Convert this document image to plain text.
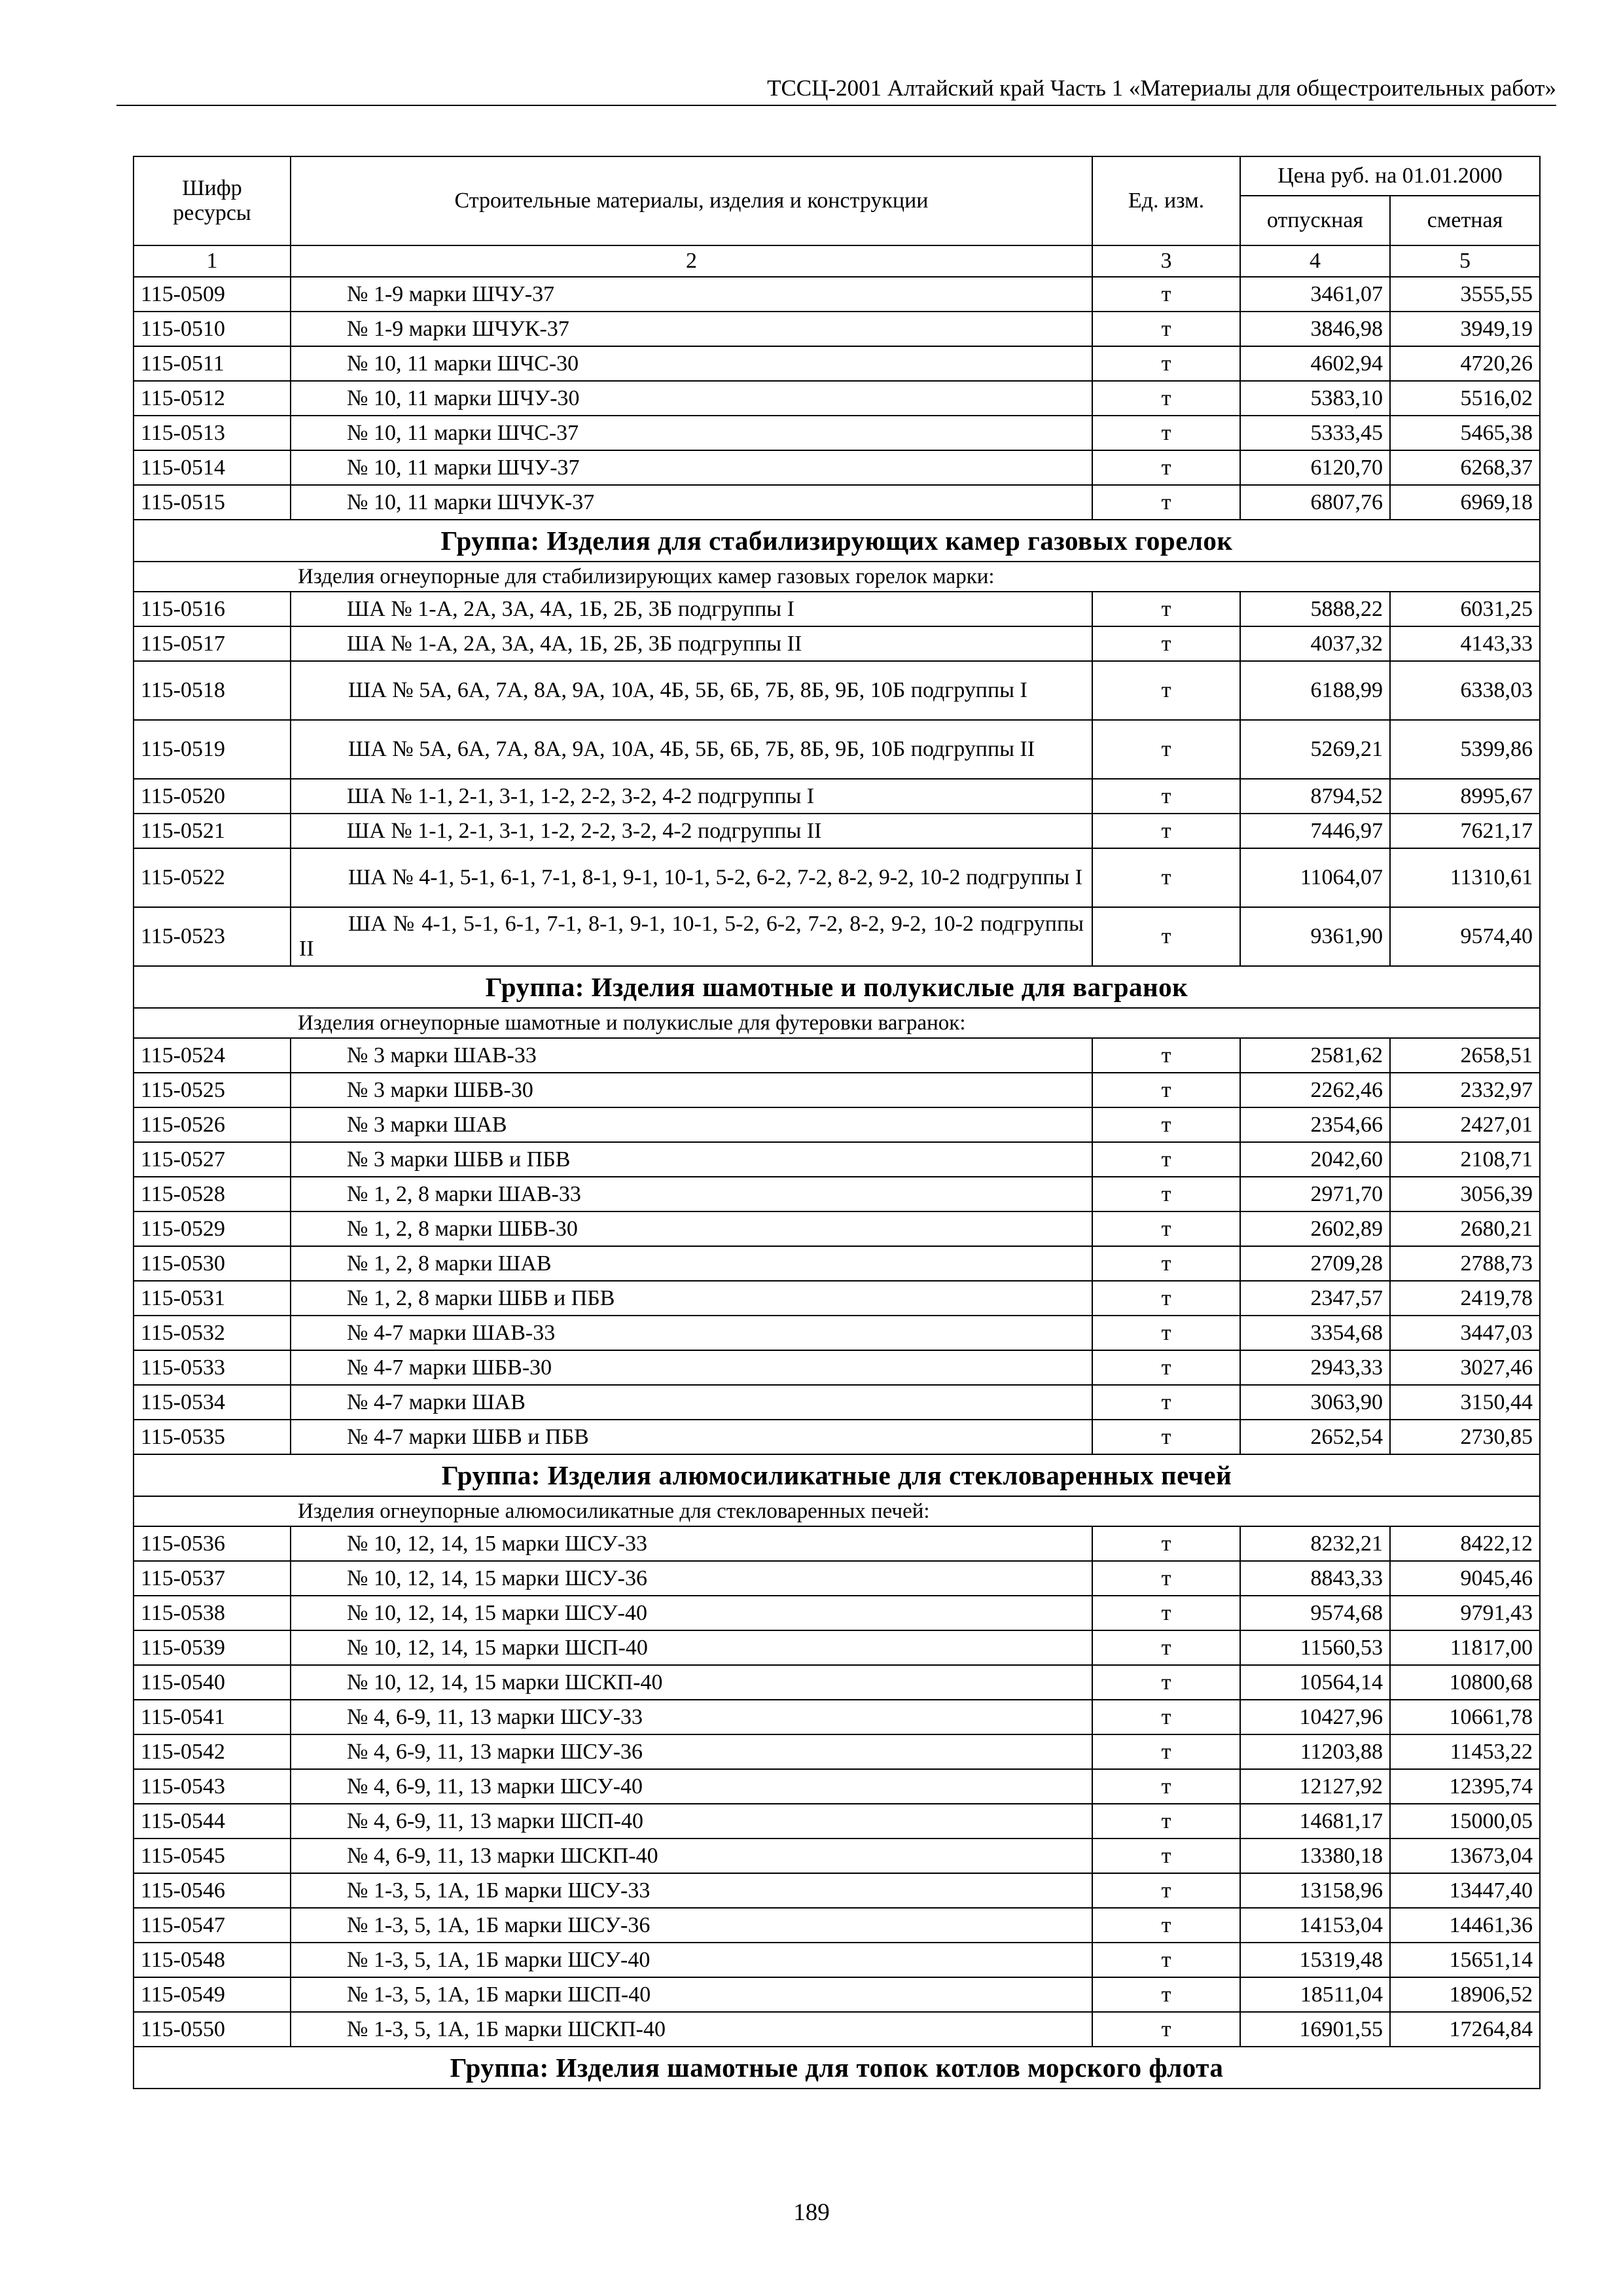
ТССЦ-2001 Алтайский край Часть 1 «Материалы для общестроительных работ»
Шифр ресурсы	Строительные материалы, изделия и конструкции	Ед. изм.	Цена руб. на 01.01.2000	
			отпускная	сметная
1	2	3	4	5
115-0509	№ 1-9 марки ШЧУ-37	т	3461,07	3555,55
115-0510	№ 1-9 марки ШЧУК-37	т	3846,98	3949,19
115-0511	№ 10, 11 марки ШЧС-30	т	4602,94	4720,26
115-0512	№ 10, 11 марки ШЧУ-30	т	5383,10	5516,02
115-0513	№ 10, 11 марки ШЧС-37	т	5333,45	5465,38
115-0514	№ 10, 11 марки ШЧУ-37	т	6120,70	6268,37
115-0515	№ 10, 11 марки ШЧУК-37	т	6807,76	6969,18
Группа: Изделия для стабилизирующих камер газовых горелок				
Изделия огнеупорные для стабилизирующих камер газовых горелок марки:				
115-0516	ША № 1-А, 2А, 3А, 4А, 1Б, 2Б, 3Б подгруппы I	т	5888,22	6031,25
115-0517	ША № 1-А, 2А, 3А, 4А, 1Б, 2Б, 3Б подгруппы II	т	4037,32	4143,33
115-0518	ША № 5А, 6А, 7А, 8А, 9А, 10А, 4Б, 5Б, 6Б, 7Б, 8Б, 9Б, 10Б подгруппы I	т	6188,99	6338,03
115-0519	ША № 5А, 6А, 7А, 8А, 9А, 10А, 4Б, 5Б, 6Б, 7Б, 8Б, 9Б, 10Б подгруппы II	т	5269,21	5399,86
115-0520	ША № 1-1, 2-1, 3-1, 1-2, 2-2, 3-2, 4-2 подгруппы I	т	8794,52	8995,67
115-0521	ША № 1-1, 2-1, 3-1, 1-2, 2-2, 3-2, 4-2 подгруппы II	т	7446,97	7621,17
115-0522	ША № 4-1, 5-1, 6-1, 7-1, 8-1, 9-1, 10-1, 5-2, 6-2, 7-2, 8-2, 9-2, 10-2 подгруппы I	т	11064,07	11310,61
115-0523	ША № 4-1, 5-1, 6-1, 7-1, 8-1, 9-1, 10-1, 5-2, 6-2, 7-2, 8-2, 9-2, 10-2 подгруппы II	т	9361,90	9574,40
Группа: Изделия шамотные и полукислые для вагранок				
Изделия огнеупорные шамотные и полукислые для футеровки вагранок:				
115-0524	№ 3 марки ШАВ-33	т	2581,62	2658,51
115-0525	№ 3 марки ШБВ-30	т	2262,46	2332,97
115-0526	№ 3 марки ШАВ	т	2354,66	2427,01
115-0527	№ 3 марки ШБВ и ПБВ	т	2042,60	2108,71
115-0528	№ 1, 2, 8 марки ШАВ-33	т	2971,70	3056,39
115-0529	№ 1, 2, 8 марки ШБВ-30	т	2602,89	2680,21
115-0530	№ 1, 2, 8 марки ШАВ	т	2709,28	2788,73
115-0531	№ 1, 2, 8 марки ШБВ и ПБВ	т	2347,57	2419,78
115-0532	№ 4-7 марки ШАВ-33	т	3354,68	3447,03
115-0533	№ 4-7 марки ШБВ-30	т	2943,33	3027,46
115-0534	№ 4-7 марки ШАВ	т	3063,90	3150,44
115-0535	№ 4-7 марки ШБВ и ПБВ	т	2652,54	2730,85
Группа: Изделия алюмосиликатные для стекловаренных печей				
Изделия огнеупорные алюмосиликатные для стекловаренных печей:				
115-0536	№ 10, 12, 14, 15 марки ШСУ-33	т	8232,21	8422,12
115-0537	№ 10, 12, 14, 15 марки ШСУ-36	т	8843,33	9045,46
115-0538	№ 10, 12, 14, 15 марки ШСУ-40	т	9574,68	9791,43
115-0539	№ 10, 12, 14, 15 марки ШСП-40	т	11560,53	11817,00
115-0540	№ 10, 12, 14, 15 марки ШСКП-40	т	10564,14	10800,68
115-0541	№ 4, 6-9, 11, 13 марки ШСУ-33	т	10427,96	10661,78
115-0542	№ 4, 6-9, 11, 13 марки ШСУ-36	т	11203,88	11453,22
115-0543	№ 4, 6-9, 11, 13 марки ШСУ-40	т	12127,92	12395,74
115-0544	№ 4, 6-9, 11, 13 марки ШСП-40	т	14681,17	15000,05
115-0545	№ 4, 6-9, 11, 13 марки ШСКП-40	т	13380,18	13673,04
115-0546	№ 1-3, 5, 1А, 1Б марки ШСУ-33	т	13158,96	13447,40
115-0547	№ 1-3, 5, 1А, 1Б марки ШСУ-36	т	14153,04	14461,36
115-0548	№ 1-3, 5, 1А, 1Б марки ШСУ-40	т	15319,48	15651,14
115-0549	№ 1-3, 5, 1А, 1Б марки ШСП-40	т	18511,04	18906,52
115-0550	№ 1-3, 5, 1А, 1Б марки ШСКП-40	т	16901,55	17264,84
Группа: Изделия шамотные для топок котлов морского флота				
189
